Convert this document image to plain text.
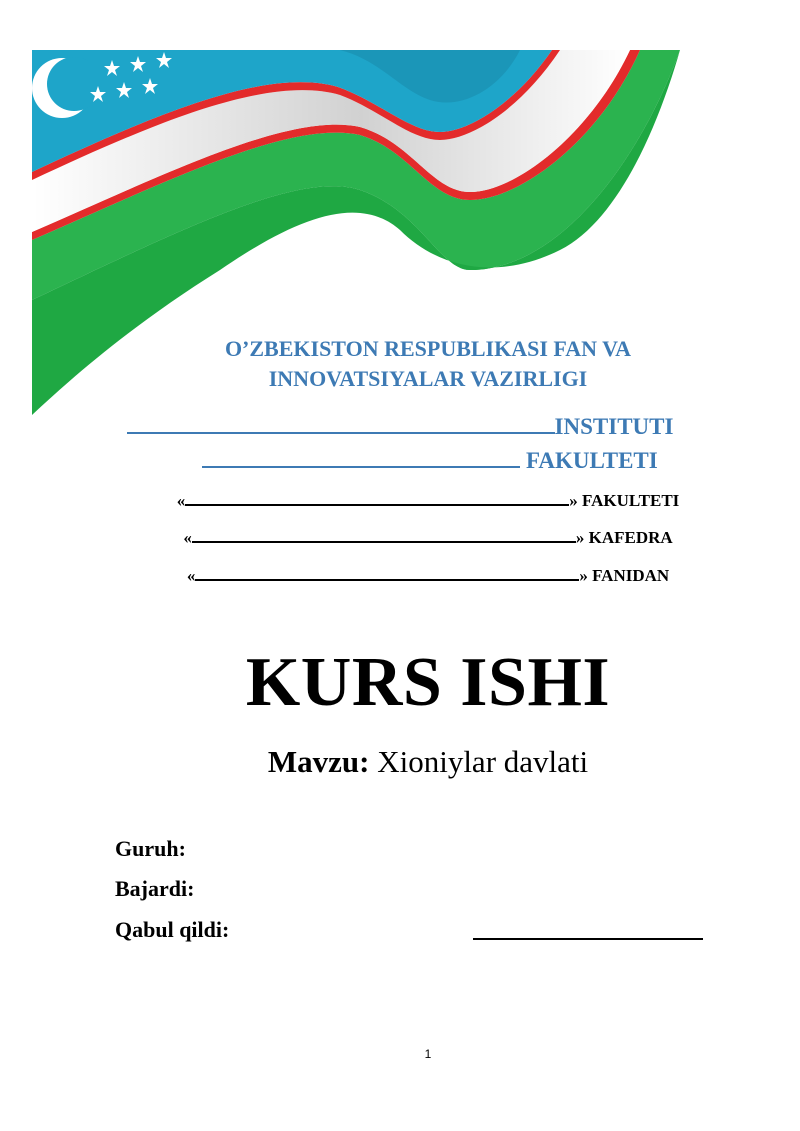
O’ZBEKISTON RESPUBLIKASI FAN VA
INNOVATSIYALAR VAZIRLIGI
INSTITUTI
FAKULTETI
«	» FAKULTETI
«	» KAFEDRA
«	» FANIDAN
KURS ISHI
Mavzu: Xioniylar davlati
Guruh:
Bajardi:
Qabul qildi:
1
